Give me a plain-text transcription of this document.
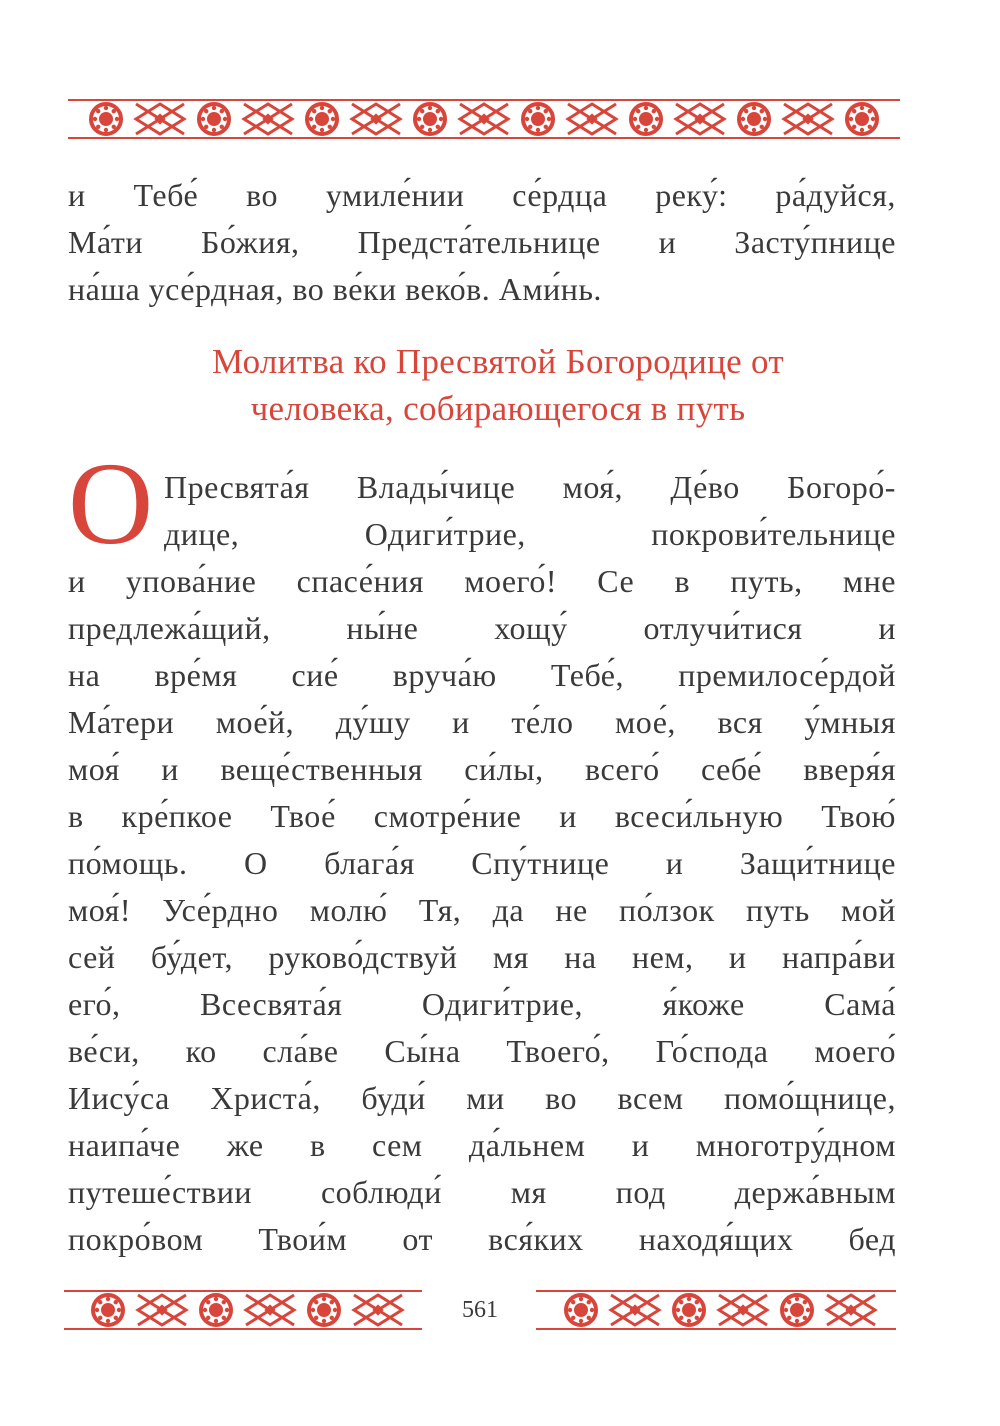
и Тебе́ во умиле́нии се́рдца реку́: ра́дуйся,
Ма́ти Бо́жия, Предста́тельнице и Засту́пнице
на́ша усе́рдная, во ве́ки веко́в. Ами́нь.
Молитва ко Пресвятой Богородице от
человека, собирающегося в путь
О Пресвята́я Влады́чице моя́, Де́во Богоро́-
дице,	Одиги́трие,	покрови́тельнице
и упова́ние спасе́ния моего́! Се в путь, мне
предлежа́щий, ны́не хощу́ отлучи́тися и
на вре́мя сие́ вруча́ю Тебе́, премилосе́рдой
Ма́тери мое́й, ду́шу и те́ло мое́, вся у́мныя
моя́ и веще́ственныя си́лы, всего́ себе́ вверя́я
в кре́пкое Твое́ смотре́ние и всеси́льную Твою́
по́мощь. О блага́я Спу́тнице и Защи́тнице
моя́! Усе́рдно молю́ Тя, да не по́лзок путь мой
сей бу́дет, руково́дствуй мя на нем, и напра́ви
его́, Всесвята́я Одиги́трие, я́коже Сама́
ве́си, ко сла́ве Сы́на Твоего́, Го́спода моего́
Иису́са Христа́, буди́ ми во всем помо́щнице,
наипа́че же в сем да́льнем и многотру́дном
путеше́ствии соблюди́ мя под держа́вным
покро́вом Твои́м от вся́ких находя́щих бед
561
